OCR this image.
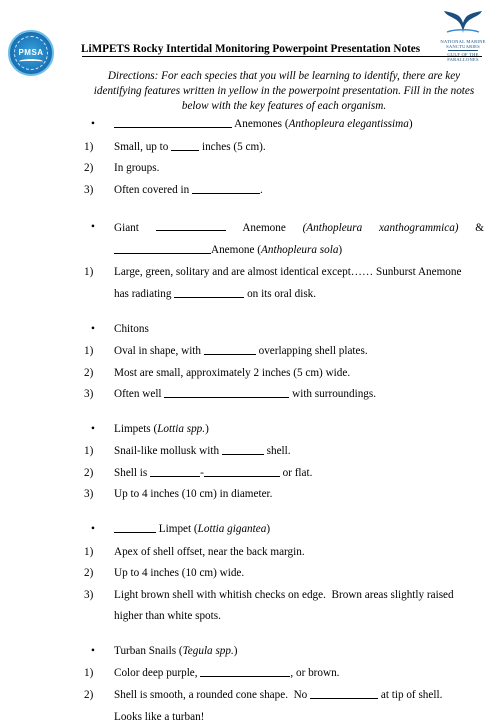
PMSA
NATIONAL MARINE
SANCTUARIES
GULF OF THE
FARALLONES
LiMPETS Rocky Intertidal Monitoring Powerpoint Presentation Notes
Directions: For each species that you will be learning to identify, there are key identifying features written in yellow in the powerpoint presentation. Fill in the notes below with the key features of each organism.
•	Anemones (Anthopleura elegantissima)
1) Small, up to	inches (5 cm).
2) In groups.
3) Often covered in	.
• Giant	Anemone (Anthopleura xanthogrammica) &
Anemone (Anthopleura sola)
1) Large, green, solitary and are almost identical except…… Sunburst Anemone
has radiating	on its oral disk.
• Chitons
1) Oval in shape, with	overlapping shell plates.
2) Most are small, approximately 2 inches (5 cm) wide.
3) Often well	with surroundings.
• Limpets (Lottia spp.)
1) Snail-like mollusk with	shell.
2) Shell is	-	or flat.
3) Up to 4 inches (10 cm) in diameter.
•	Limpet (Lottia gigantea)
1) Apex of shell offset, near the back margin.
2) Up to 4 inches (10 cm) wide.
3) Light brown shell with whitish checks on edge.  Brown areas slightly raised
higher than white spots.
• Turban Snails (Tegula spp.)
1) Color deep purple,	, or brown.
2) Shell is smooth, a rounded cone shape.  No	at tip of shell.
Looks like a turban!
